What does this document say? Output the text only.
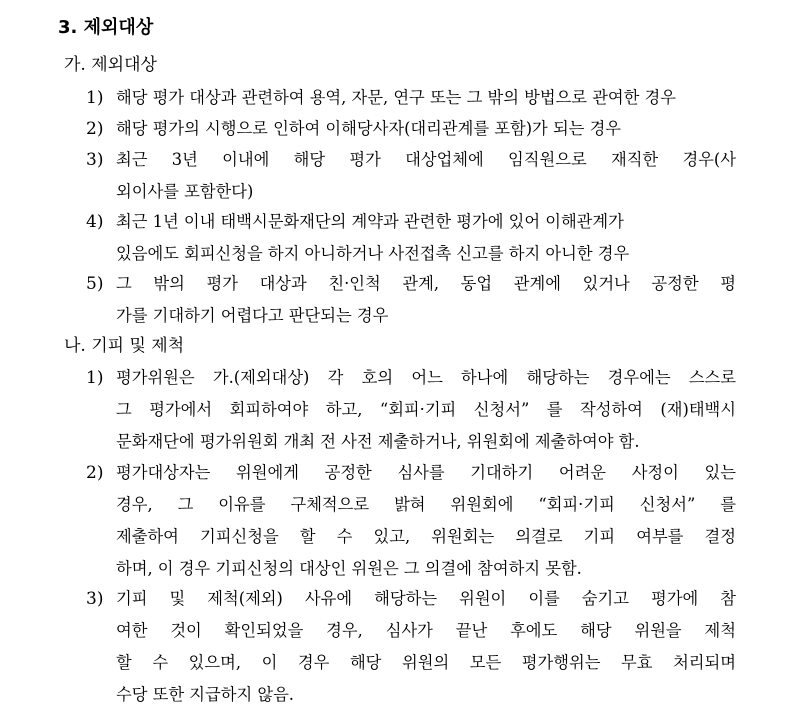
3. 제외대상
가. 제외대상
1) 해당 평가 대상과 관련하여 용역, 자문, 연구 또는 그 밖의 방법으로 관여한 경우
2) 해당 평가의 시행으로 인하여 이해당사자(대리관계를 포함)가 되는 경우
3) 최근 3년 이내에 해당 평가 대상업체에 임직원으로 재직한 경우(사
외이사를 포함한다)
4) 최근 1년 이내 태백시문화재단의 계약과 관련한 평가에 있어 이해관계가
있음에도 회피신청을 하지 아니하거나 사전접촉 신고를 하지 아니한 경우
5) 그 밖의 평가 대상과 친·인척 관계, 동업 관계에 있거나 공정한 평
가를 기대하기 어렵다고 판단되는 경우
나. 기피 및 제척
1) 평가위원은 가.(제외대상) 각 호의 어느 하나에 해당하는 경우에는 스스로
그 평가에서 회피하여야 하고, “회피·기피 신청서” 를 작성하여 (재)태백시
문화재단에 평가위원회 개최 전 사전 제출하거나, 위원회에 제출하여야 함.
2) 평가대상자는 위원에게 공정한 심사를 기대하기 어려운 사정이 있는
경우, 그 이유를 구체적으로 밝혀 위원회에 “회피·기피 신청서” 를
제출하여 기피신청을 할 수 있고, 위원회는 의결로 기피 여부를 결정
하며, 이 경우 기피신청의 대상인 위원은 그 의결에 참여하지 못함.
3) 기피 및 제척(제외) 사유에 해당하는 위원이 이를 숨기고 평가에 참
여한 것이 확인되었을 경우, 심사가 끝난 후에도 해당 위원을 제척
할 수 있으며, 이 경우 해당 위원의 모든 평가행위는 무효 처리되며
수당 또한 지급하지 않음.
